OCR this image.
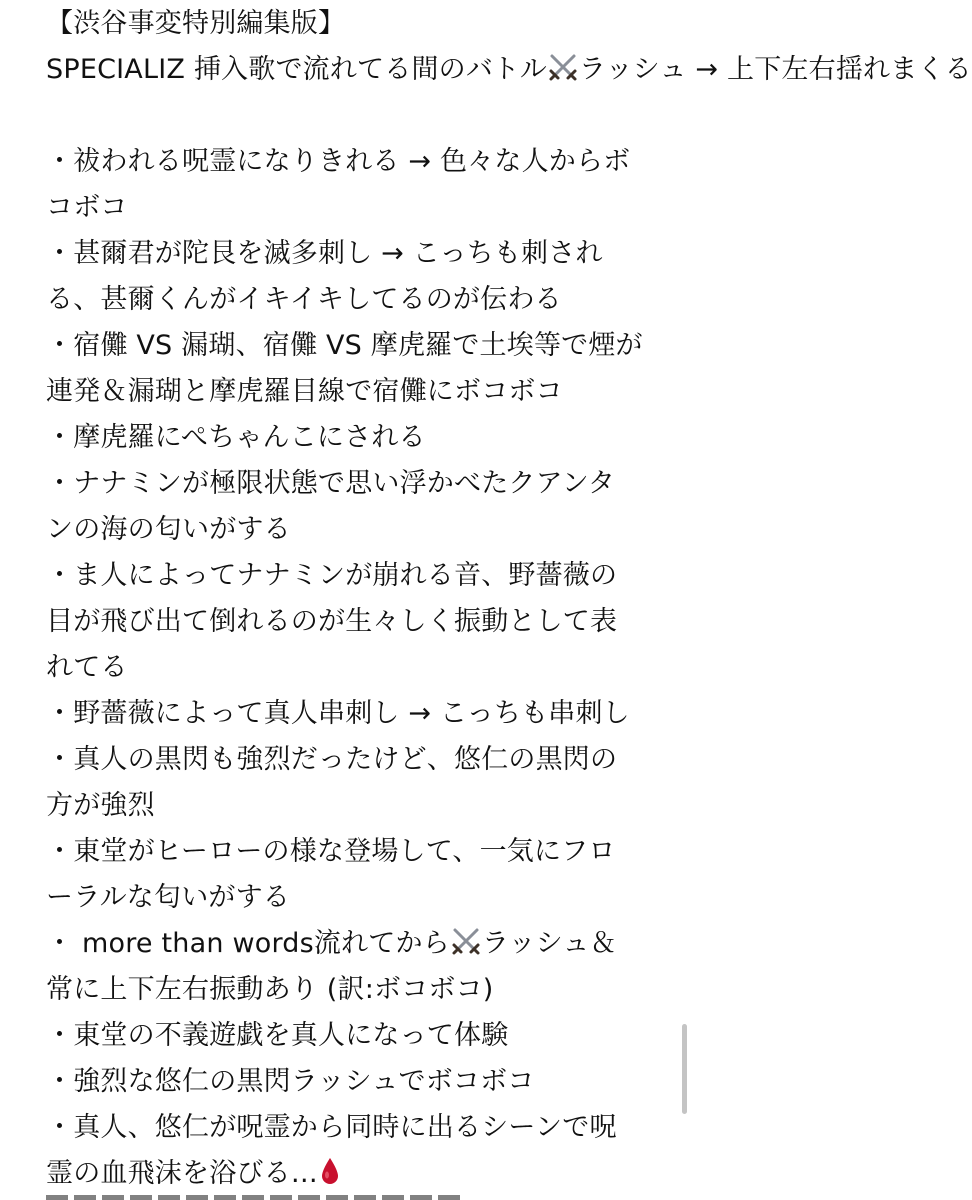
【渋谷事変特別編集版】
SPECIALIZ 挿入歌で流れてる間のバトル ラッシュ → 上下左右揺れまくる
・祓われる呪霊になりきれる → 色々な人からボ
コボコ
・甚爾君が陀艮を滅多刺し → こっちも刺され
る、甚爾くんがイキイキしてるのが伝わる
・宿儺 VS 漏瑚、宿儺 VS 摩虎羅で土埃等で煙が
連発＆漏瑚と摩虎羅目線で宿儺にボコボコ
・摩虎羅にぺちゃんこにされる
・ナナミンが極限状態で思い浮かべたクアンタ
ンの海の匂いがする
・ま人によってナナミンが崩れる音、野薔薇の
目が飛び出て倒れるのが生々しく振動として表
れてる
・野薔薇によって真人串刺し → こっちも串刺し
・真人の黒閃も強烈だったけど、悠仁の黒閃の
方が強烈
・東堂がヒーローの様な登場して、一気にフロ
ーラルな匂いがする
・ more than words流れてから ラッシュ＆
常に上下左右振動あり (訳:ボコボコ)
・東堂の不義遊戯を真人になって体験
・強烈な悠仁の黒閃ラッシュでボコボコ
・真人、悠仁が呪霊から同時に出るシーンで呪
霊の血飛沫を浴びる…
